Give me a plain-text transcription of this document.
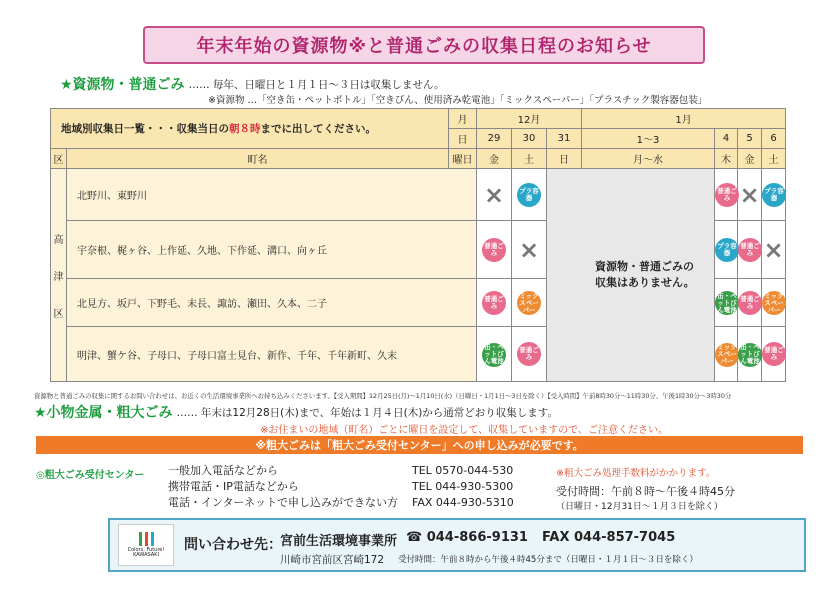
年末年始の資源物※と普通ごみの収集日程のお知らせ
★資源物・普通ごみ …… 毎年、日曜日と１月１日～３日は収集しません。
※資源物 …「空き缶・ペットボトル」「空きびん、使用済み乾電池」「ミックスペーパー」「プラスチック製容器包装」
地域別収集日一覧・・・収集当日の朝８時までに出してください。		月	12月			1月			
		日	29	30	31	1～3	4	5	6
区	町名	曜日	金	土	日	月～水	木	金	土

高
津
区	北野川、東野川		×	プラ容器	資源物・普通ごみの収集はありません。		普通ごみ	×	プラ容器
	宇奈根、梶ヶ谷、上作延、久地、下作延、溝口、向ヶ丘		普通ごみ	×			プラ容器	普通ごみ	×
	北見方、坂戸、下野毛、末長、諏訪、瀬田、久本、二子		普通ごみ	ミックスペーパー			缶・ペットびん電池	普通ごみ	ミックスペーパー
	明津、蟹ケ谷、子母口、子母口富士見台、新作、千年、千年新町、久末		缶・ペットびん電池	普通ごみ			ミックスペーパー	缶・ペットびん電池	普通ごみ
資源物と普通ごみの収集に関するお問い合わせは、お近くの生活環境事業所へお持ち込みくださいます。【受入期間】12月25日(月)～1月10日(水)（日曜日・1月1日～3日を除く）【受入時間】午前8時30分～11時30分、午後1時30分～3時30分
★小物金属・粗大ごみ …… 年末は12月28日(木)まで、年始は１月４日(木)から通常どおり収集します。
※お住まいの地域（町名）ごとに曜日を設定して、収集していますので、ご注意ください。
※粗大ごみは「粗大ごみ受付センター」への申し込みが必要です。
◎粗大ごみ受付センター 一般加入電話などから
携帯電話・IP電話などから
電話・インターネットで申し込みができない方
TEL 0570-044-530
TEL 044-930-5300
FAX 044-930-5310
※粗大ごみ処理手数料がかかります。
受付時間：午前８時～午後４時45分
（日曜日・12月31日～１月３日を除く）
Colors, Future! KAWASAKI
問い合わせ先：
宮前生活環境事業所 ☎ 044-866-9131 FAX 044-857-7045
川崎市宮前区宮崎172 受付時間：午前８時から午後４時45分まで（日曜日・１月１日～３日を除く）
